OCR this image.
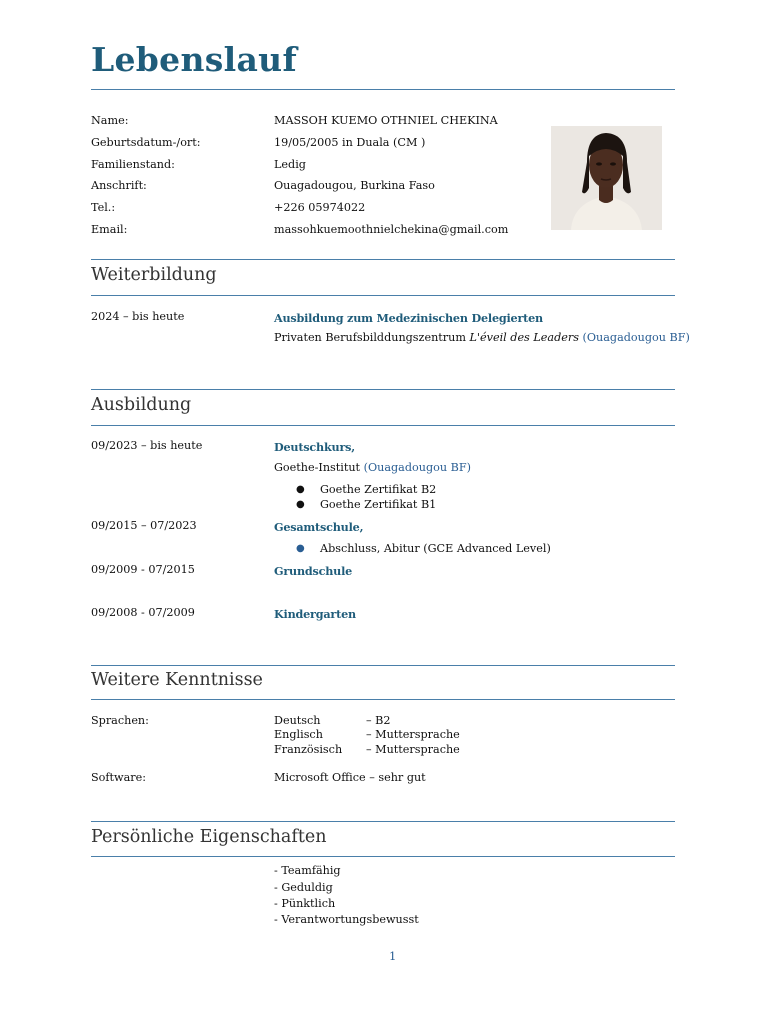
Lebenslauf
Name:	MASSOH KUEMO OTHNIEL CHEKINA
Geburtsdatum-/ort:	19/05/2005 in Duala (CM )
Familienstand:	Ledig
Anschrift:	Ouagadougou, Burkina Faso
Tel.:	+226 05974022
Email:	massohkuemoothnielchekina@gmail.com
Weiterbildung
2024 – bis heute	Ausbildung zum Medezinischen Delegierten
Privaten Berufsbilddungszentrum L'éveil des Leaders (Ouagadougou BF)
Ausbildung
09/2023 – bis heute	Deutschkurs,
Goethe-Institut (Ouagadougou BF)
● Goethe Zertifikat B2
● Goethe Zertifikat B1
09/2015 – 07/2023	Gesamtschule,
● Abschluss, Abitur (GCE Advanced Level)
09/2009 - 07/2015	Grundschule
09/2008 - 07/2009	Kindergarten
Weitere Kenntnisse
Sprachen:	Deutsch	– B2
Englisch	– Muttersprache
Französisch – Muttersprache
Software:	Microsoft Office – sehr gut
Persönliche Eigenschaften
- Teamfähig
- Geduldig
- Pünktlich
- Verantwortungsbewusst
1
